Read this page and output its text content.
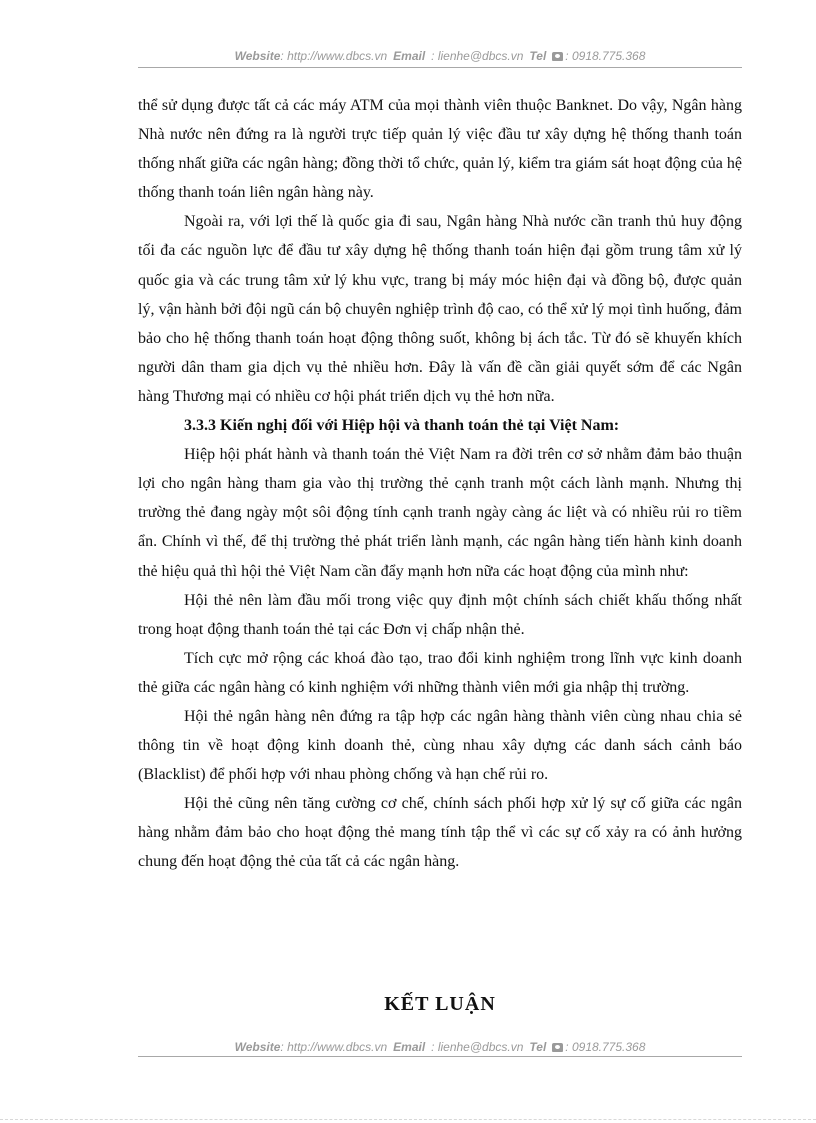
Website: http://www.dbcs.vn Email : lienhe@dbcs.vn Tel : 0918.775.368

thể sử dụng được tất cả các máy ATM của mọi thành viên thuộc Banknet. Do vậy, Ngân hàng Nhà nước nên đứng ra là người trực tiếp quản lý việc đầu tư xây dựng hệ thống thanh toán thống nhất giữa các ngân hàng; đồng thời tổ chức, quản lý, kiểm tra giám sát hoạt động của hệ thống thanh toán liên ngân hàng này.

Ngoài ra, với lợi thế là quốc gia đi sau, Ngân hàng Nhà nước cần tranh thủ huy động tối đa các nguồn lực để đầu tư xây dựng hệ thống thanh toán hiện đại gồm trung tâm xử lý quốc gia và các trung tâm xử lý khu vực, trang bị máy móc hiện đại và đồng bộ, được quản lý, vận hành bởi đội ngũ cán bộ chuyên nghiệp trình độ cao, có thể xử lý mọi tình huống, đảm bảo cho hệ thống thanh toán hoạt động thông suốt, không bị ách tắc. Từ đó sẽ khuyến khích người dân tham gia dịch vụ thẻ nhiều hơn. Đây là vấn đề cần giải quyết sớm để các Ngân hàng Thương mại có nhiều cơ hội phát triển dịch vụ thẻ hơn nữa.

3.3.3 Kiến nghị đối với Hiệp hội và thanh toán thẻ tại Việt Nam:

Hiệp hội phát hành và thanh toán thẻ Việt Nam ra đời trên cơ sở nhằm đảm bảo thuận lợi cho ngân hàng tham gia vào thị trường thẻ cạnh tranh một cách lành mạnh. Nhưng thị trường thẻ đang ngày một sôi động tính cạnh tranh ngày càng ác liệt và có nhiều rủi ro tiềm ẩn. Chính vì thế, để thị trường thẻ phát triển lành mạnh, các ngân hàng tiến hành kinh doanh thẻ hiệu quả thì hội thẻ Việt Nam cần đẩy mạnh hơn nữa các hoạt động của mình như:

Hội thẻ nên làm đầu mối trong việc quy định một chính sách chiết khấu thống nhất trong hoạt động thanh toán thẻ tại các Đơn vị chấp nhận thẻ.

Tích cực mở rộng các khoá đào tạo, trao đổi kinh nghiệm trong lĩnh vực kinh doanh thẻ giữa các ngân hàng có kinh nghiệm với những thành viên mới gia nhập thị trường.

Hội thẻ ngân hàng nên đứng ra tập hợp các ngân hàng thành viên cùng nhau chia sẻ thông tin về hoạt động kinh doanh thẻ, cùng nhau xây dựng các danh sách cảnh báo (Blacklist) để phối hợp với nhau phòng chống và hạn chế rủi ro.

Hội thẻ cũng nên tăng cường cơ chế, chính sách phối hợp xử lý sự cố giữa các ngân hàng nhằm đảm bảo cho hoạt động thẻ mang tính tập thể vì các sự cố xảy ra có ảnh hưởng chung đến hoạt động thẻ của tất cả các ngân hàng.

KẾT LUẬN
Website: http://www.dbcs.vn Email : lienhe@dbcs.vn Tel : 0918.775.368
